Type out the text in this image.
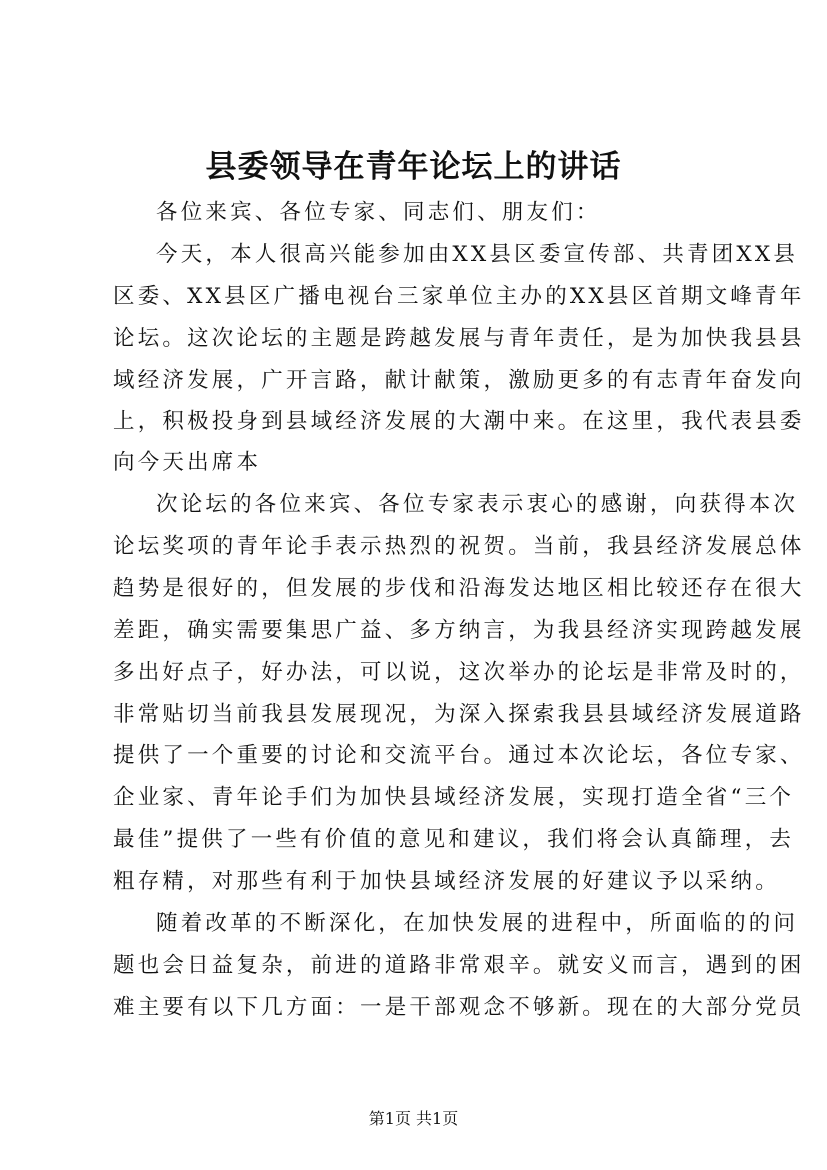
县委领导在青年论坛上的讲话

各位来宾、各位专家、同志们、朋友们：

今天，本人很高兴能参加由XX县区委宣传部、共青团XX县

区委、XX县区广播电视台三家单位主办的XX县区首期文峰青年

论坛。这次论坛的主题是跨越发展与青年责任，是为加快我县县

域经济发展，广开言路，献计献策，激励更多的有志青年奋发向

上，积极投身到县域经济发展的大潮中来。在这里，我代表县委

向今天出席本

次论坛的各位来宾、各位专家表示衷心的感谢，向获得本次

论坛奖项的青年论手表示热烈的祝贺。当前，我县经济发展总体

趋势是很好的，但发展的步伐和沿海发达地区相比较还存在很大

差距，确实需要集思广益、多方纳言，为我县经济实现跨越发展

多出好点子，好办法，可以说，这次举办的论坛是非常及时的，

非常贴切当前我县发展现况，为深入探索我县县域经济发展道路

提供了一个重要的讨论和交流平台。通过本次论坛，各位专家、

企业家、青年论手们为加快县域经济发展，实现打造全省“三个

最佳”提供了一些有价值的意见和建议，我们将会认真篩理，去

粗存精，对那些有利于加快县域经济发展的好建议予以采纳。

随着改革的不断深化，在加快发展的进程中，所面临的的问

题也会日益复杂，前进的道路非常艰辛。就安义而言，遇到的困

难主要有以下几方面：一是干部观念不够新。现在的大部分党员

第1页 共1页
